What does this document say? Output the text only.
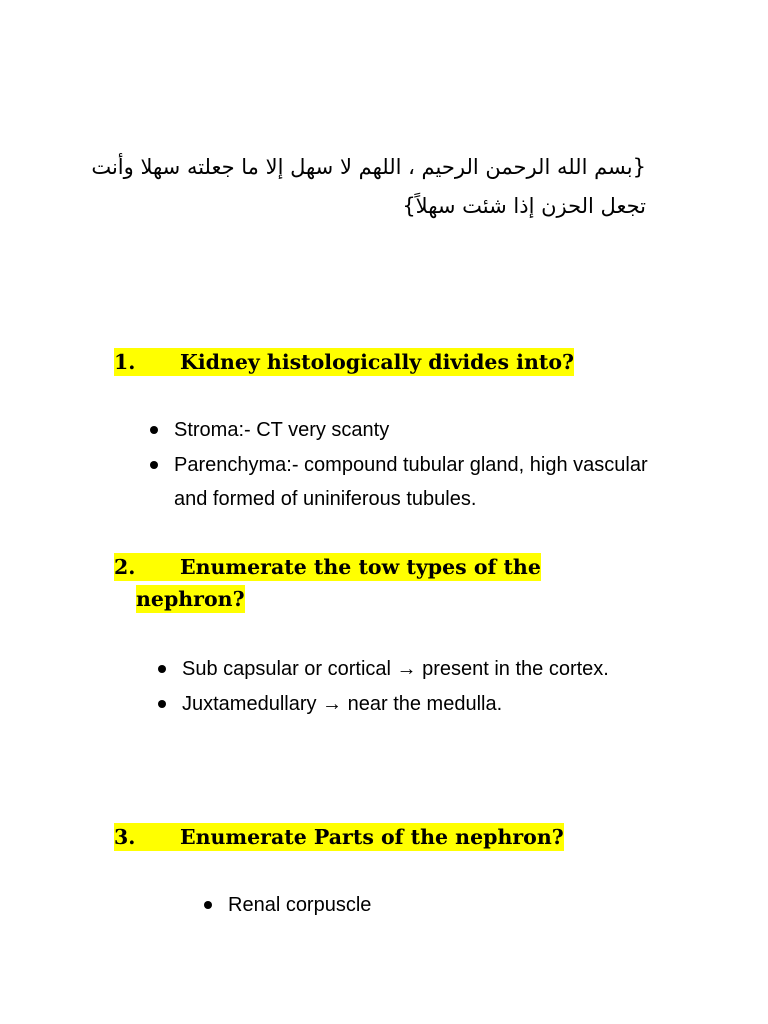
{بسم الله الرحمن الرحيم ، اللهم لا سهل إلا ما جعلته سهلا وأنت
تجعل الحزن إذا شئت سهلاً}
1. Kidney histologically divides into?
Stroma:- CT very scanty
Parenchyma:- compound tubular gland, high vascular and formed of uniniferous tubules.
2. Enumerate the tow types of the
nephron?
Sub capsular or cortical → present in the cortex.
Juxtamedullary → near the medulla.
3. Enumerate Parts of the nephron?
Renal corpuscle
